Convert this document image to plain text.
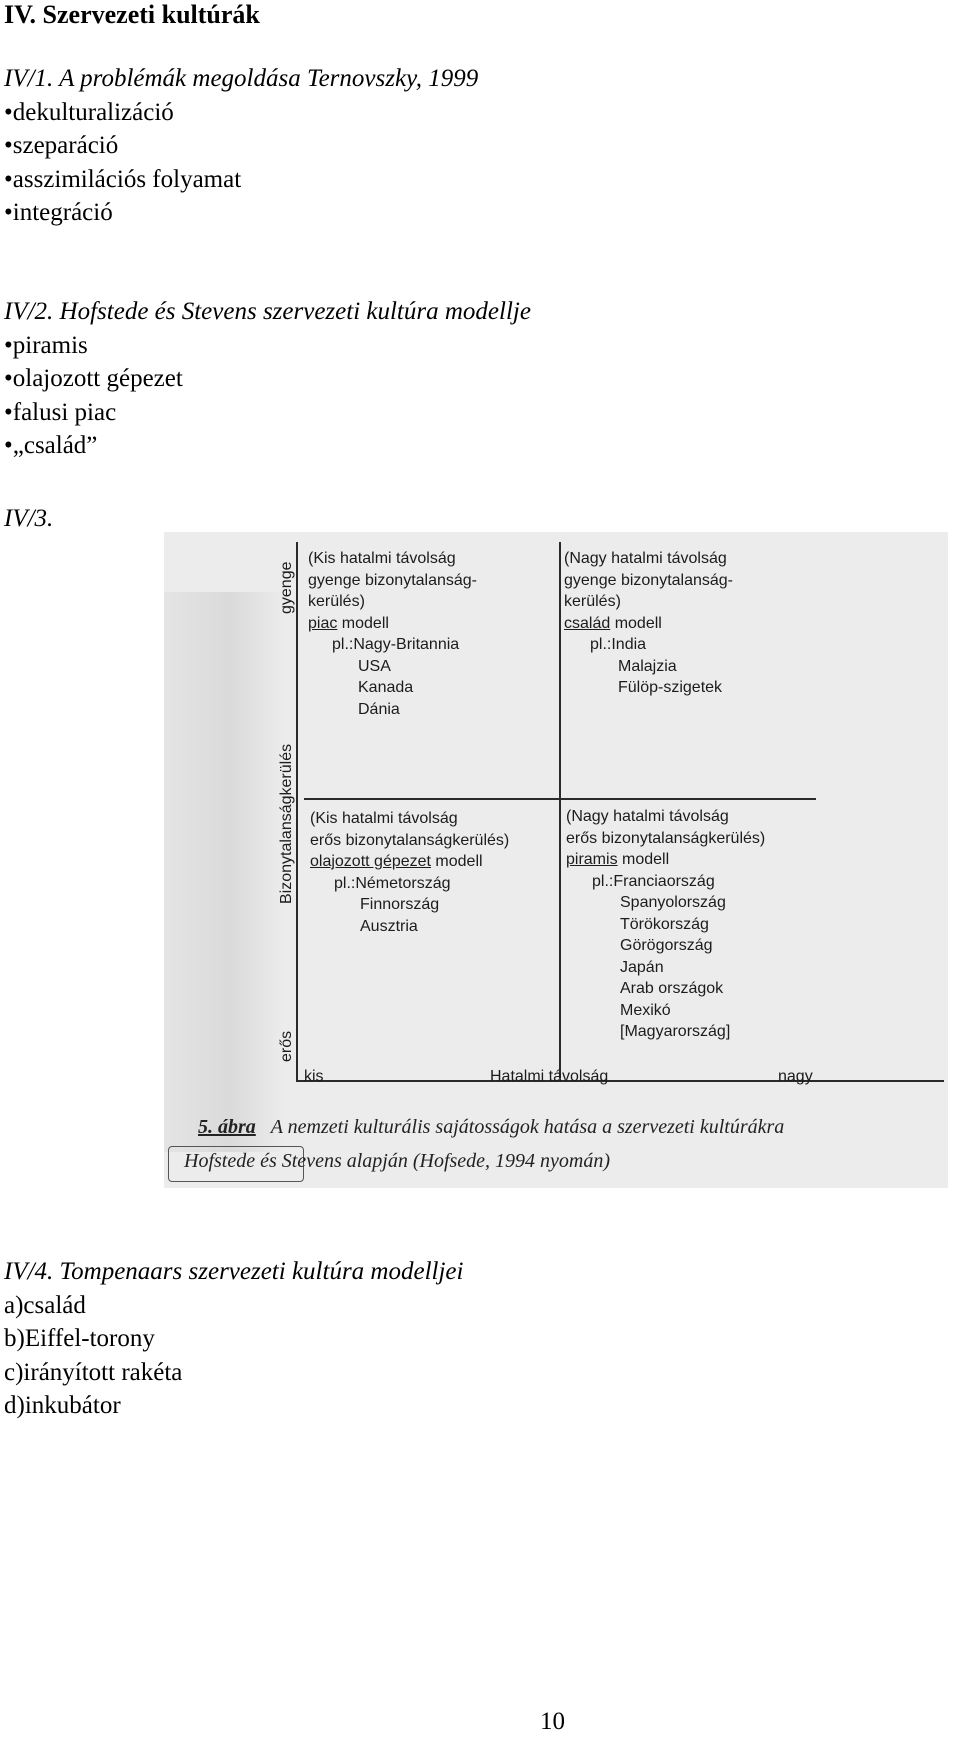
IV. Szervezeti kultúrák
IV/1. A problémák megoldása Ternovszky, 1999
•dekulturalizáció
•szeparáció
•asszimilációs folyamat
•integráció
IV/2. Hofstede és Stevens szervezeti kultúra modellje
•piramis
•olajozott gépezet
•falusi piac
•„család”
IV/3.
gyenge
Bizonytalanságkerülés
erős
kis	Hatalmi távolság	nagy
(Kis hatalmi távolság
gyenge bizonytalanság-
kerülés)
piac modell
pl.:Nagy-Britannia
USA
Kanada
Dánia
(Nagy hatalmi távolság
gyenge bizonytalanság-
kerülés)
család modell
pl.:India
Malajzia
Fülöp-szigetek
(Kis hatalmi távolság
erős bizonytalanságkerülés)
olajozott gépezet modell
pl.:Németország
Finnország
Ausztria
(Nagy hatalmi távolság
erős bizonytalanságkerülés)
piramis modell
pl.:Franciaország
Spanyolország
Törökország
Görögország
Japán
Arab országok
Mexikó
[Magyarország]
5. ábra A nemzeti kulturális sajátosságok hatása a szervezeti kultúrákra
Hofstede és Stevens alapján (Hofsede, 1994 nyomán)
IV/4. Tompenaars szervezeti kultúra modelljei
a)család
b)Eiffel-torony
c)irányított rakéta
d)inkubátor
10
